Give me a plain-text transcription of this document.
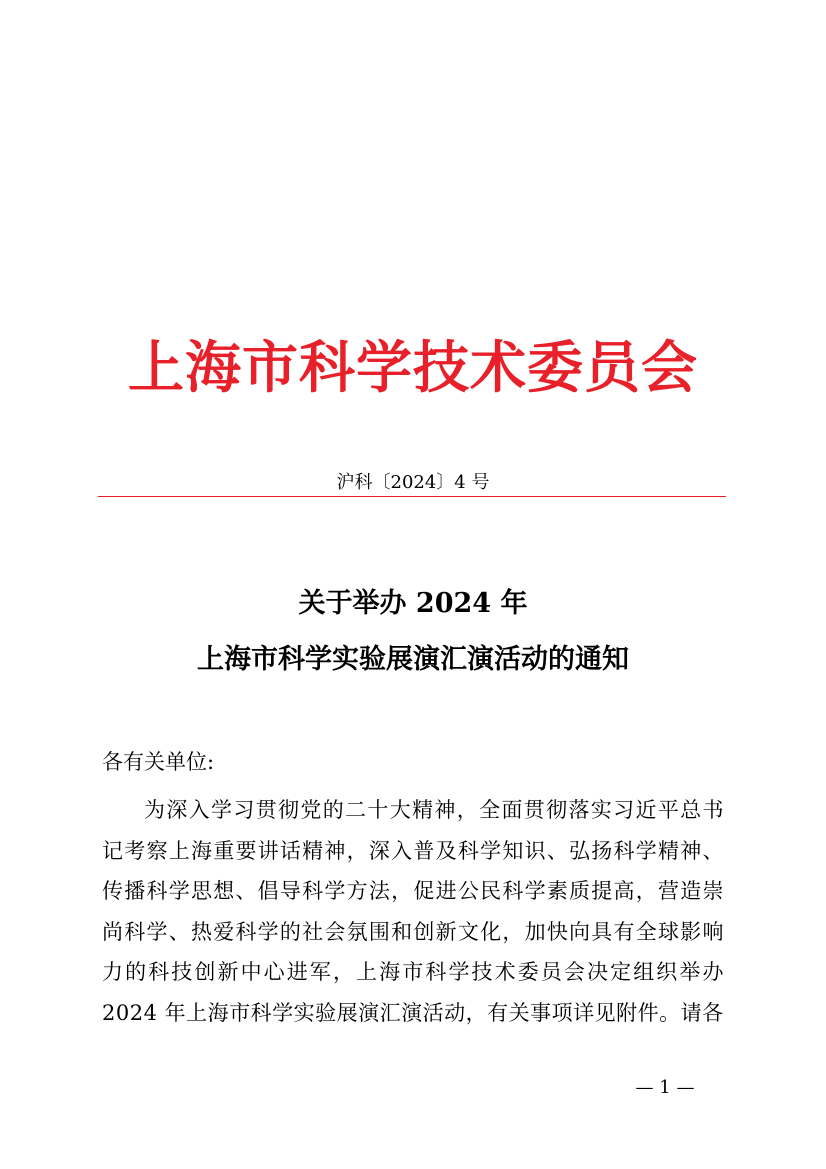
上海市科学技术委员会
沪科〔2024〕4 号
关于举办 2024 年
上海市科学实验展演汇演活动的通知
各有关单位:
为深入学习贯彻党的二十大精神，全面贯彻落实习近平总书记考察上海重要讲话精神，深入普及科学知识、弘扬科学精神、传播科学思想、倡导科学方法，促进公民科学素质提高，营造崇尚科学、热爱科学的社会氛围和创新文化，加快向具有全球影响力的科技创新中心进军，上海市科学技术委员会决定组织举办 2024 年上海市科学实验展演汇演活动，有关事项详见附件。请各
— 1 —
